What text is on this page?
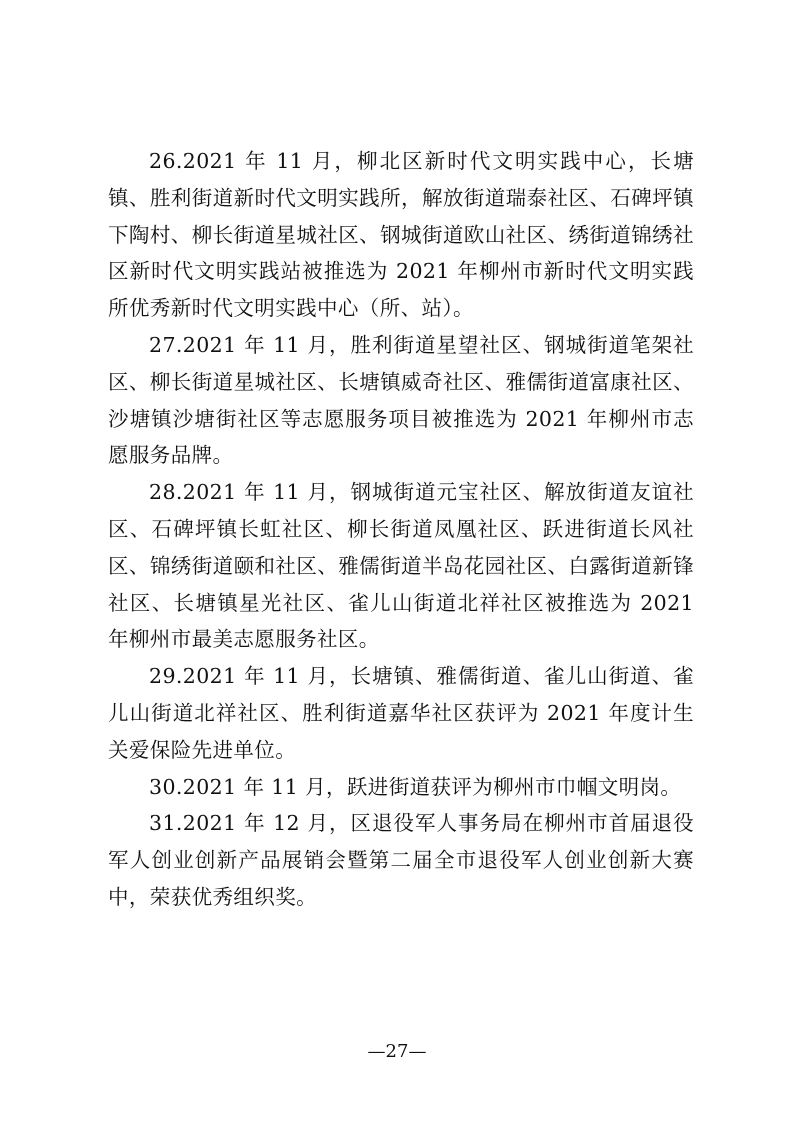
26.2021 年 11 月，柳北区新时代文明实践中心，长塘镇、胜利街道新时代文明实践所，解放街道瑞泰社区、石碑坪镇下陶村、柳长街道星城社区、钢城街道欧山社区、绣街道锦绣社区新时代文明实践站被推选为 2021 年柳州市新时代文明实践所优秀新时代文明实践中心（所、站）。

27.2021 年 11 月，胜利街道星望社区、钢城街道笔架社区、柳长街道星城社区、长塘镇威奇社区、雅儒街道富康社区、沙塘镇沙塘街社区等志愿服务项目被推选为 2021 年柳州市志愿服务品牌。

28.2021 年 11 月，钢城街道元宝社区、解放街道友谊社区、石碑坪镇长虹社区、柳长街道凤凰社区、跃进街道长风社区、锦绣街道颐和社区、雅儒街道半岛花园社区、白露街道新锋社区、长塘镇星光社区、雀儿山街道北祥社区被推选为 2021 年柳州市最美志愿服务社区。

29.2021 年 11 月，长塘镇、雅儒街道、雀儿山街道、雀儿山街道北祥社区、胜利街道嘉华社区获评为 2021 年度计生关爱保险先进单位。

30.2021 年 11 月，跃进街道获评为柳州市巾帼文明岗。

31.2021 年 12 月，区退役军人事务局在柳州市首届退役军人创业创新产品展销会暨第二届全市退役军人创业创新大赛中，荣获优秀组织奖。

—27—
